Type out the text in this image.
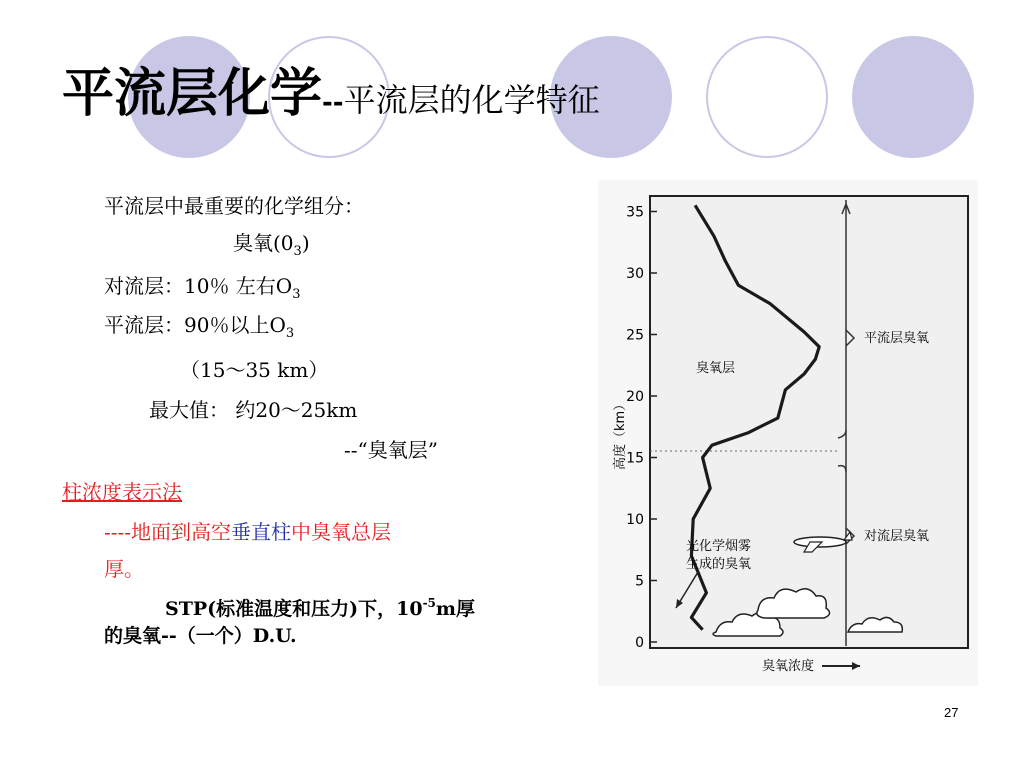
平流层化学--平流层的化学特征
平流层中最重要的化学组分：
臭氧$(0_3)$
对流层：10％ 左右$O_3$
平流层：90％以上$O_3$
（15～35 km）
最大值： 约20～25km
--“臭氧层”
柱浓度表示法
----地面到高空垂直柱中臭氧总层
厚。
STP(标准温度和压力)下，$10^{-5}m$厚
的臭氧--（一个）D.U.
35
30
25
20
15
10
5
0
臭氧层
平流层臭氧
对流层臭氧
光化学烟雾
生成的臭氧
臭氧浓度
高度（km）
27
